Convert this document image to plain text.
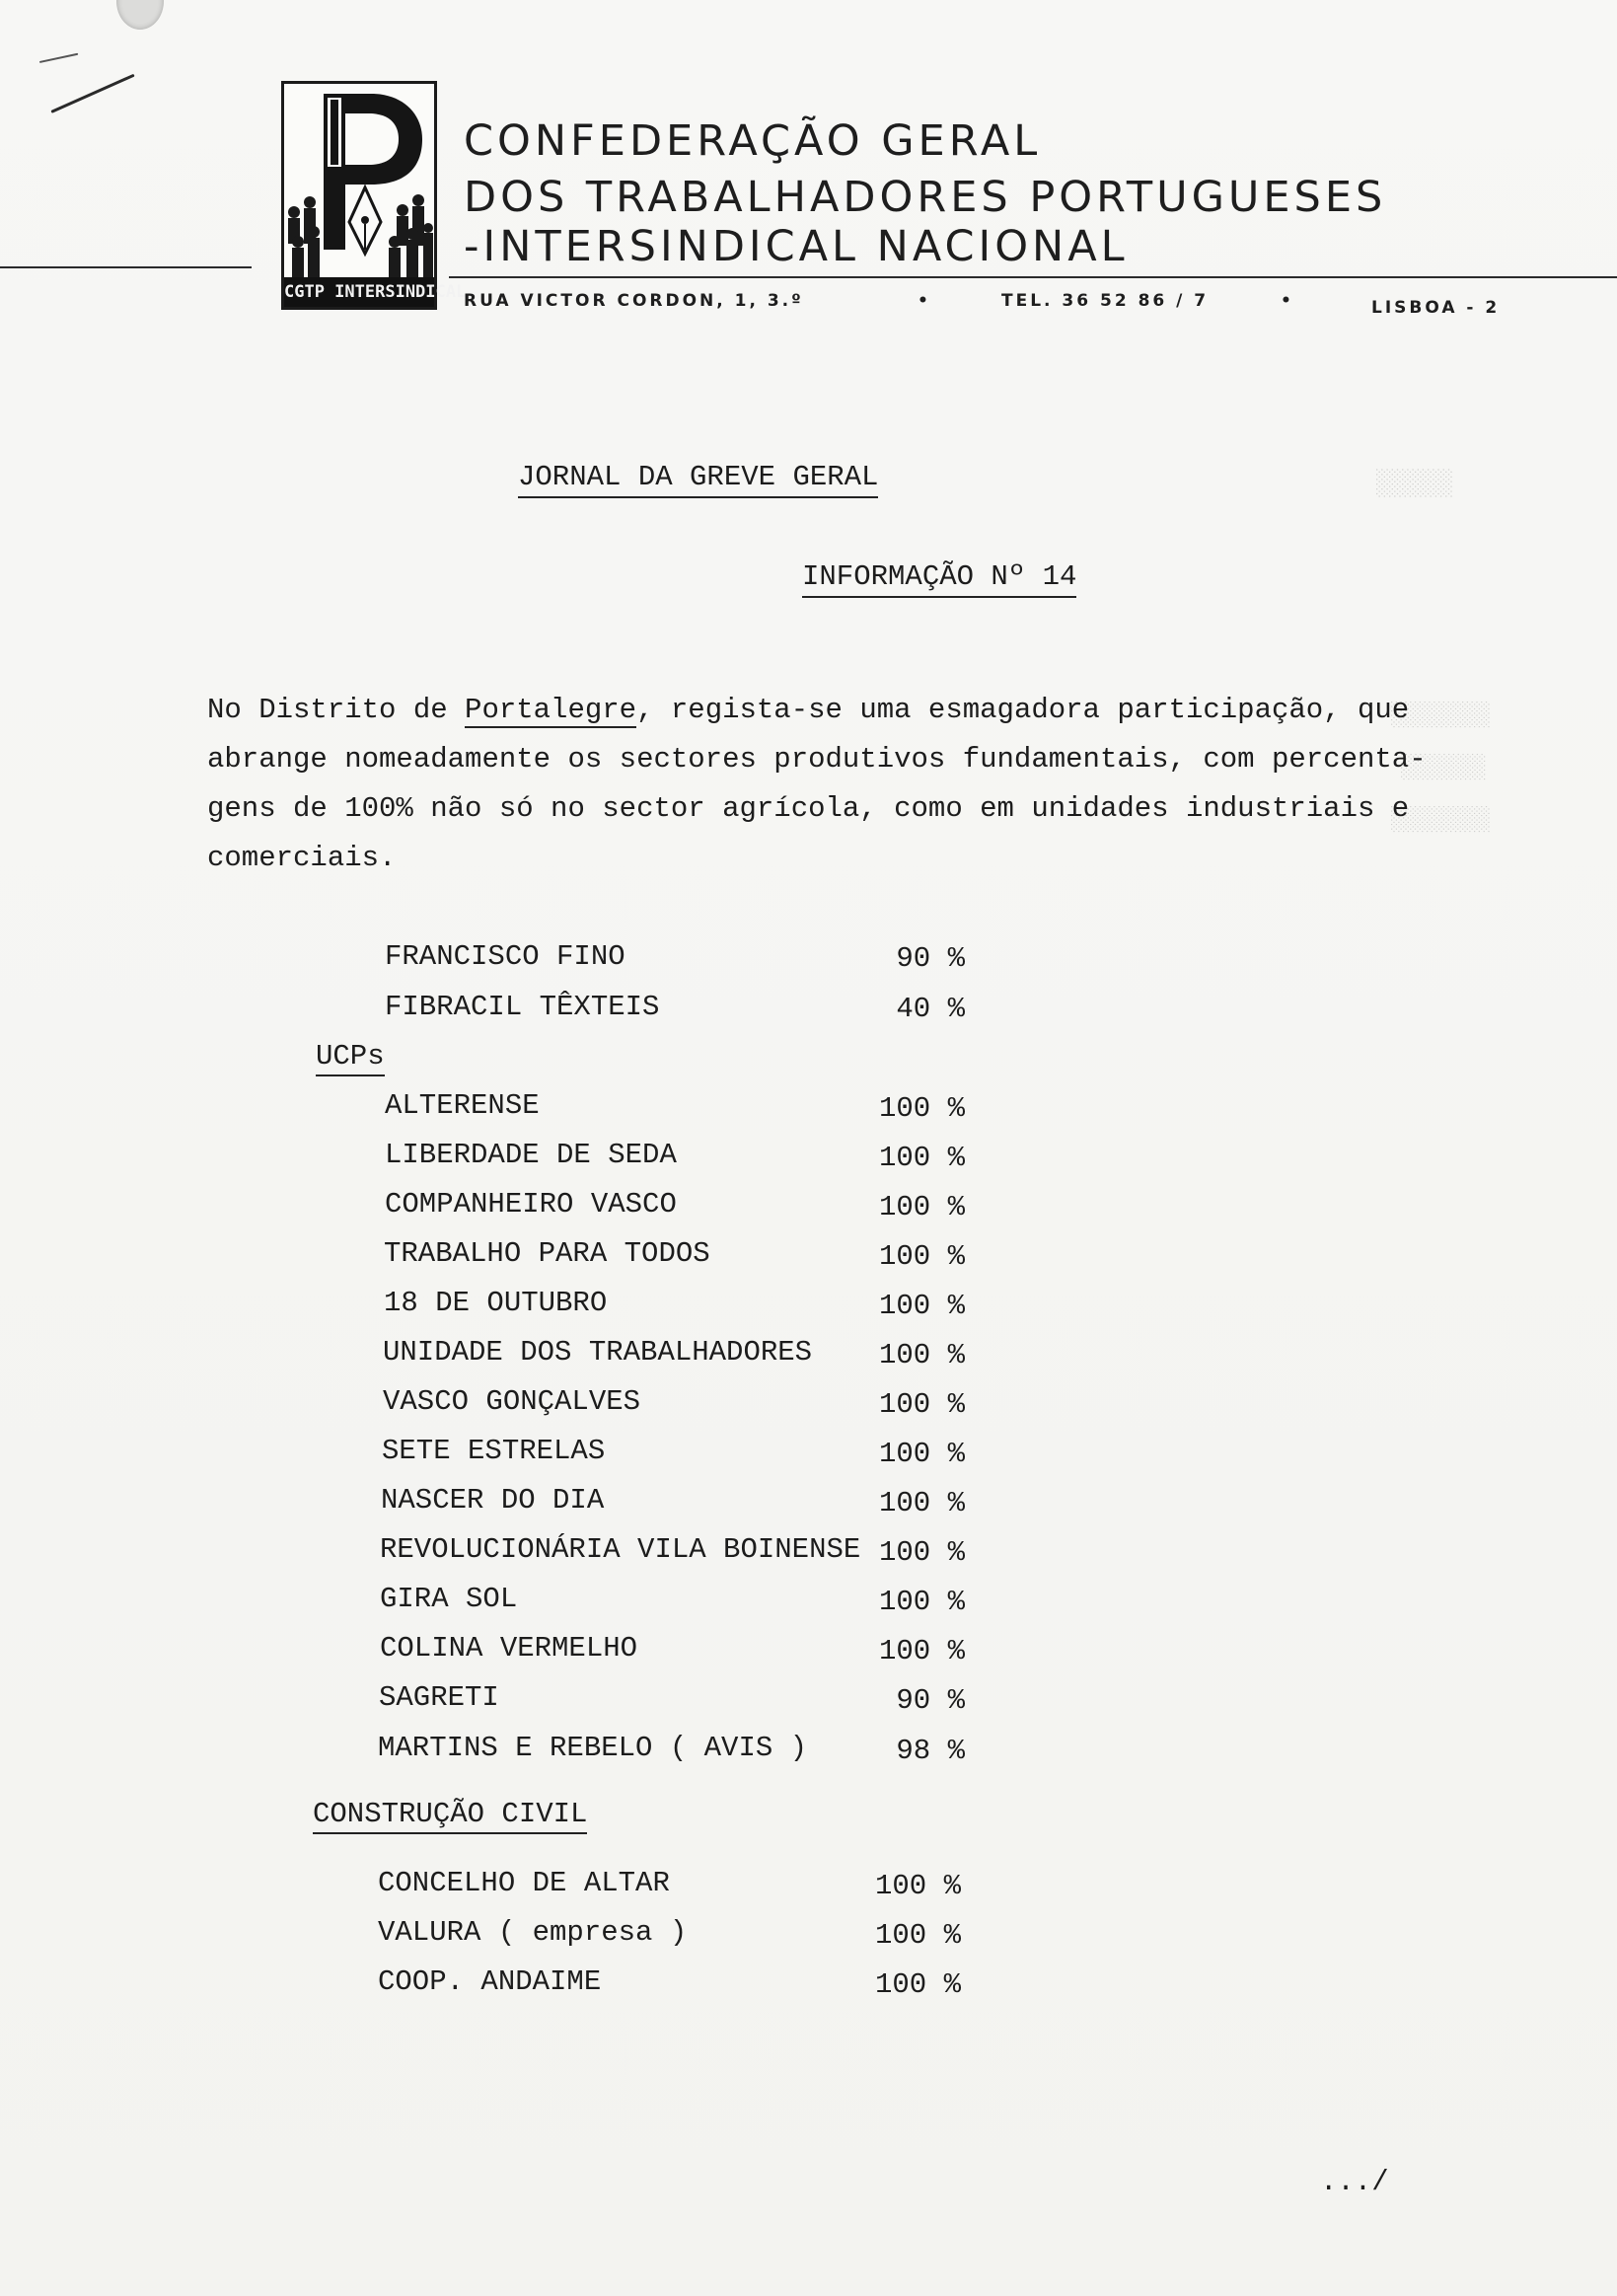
CGTP INTERSINDICAL
CONFEDERAÇÃO GERAL
DOS TRABALHADORES PORTUGUESES
-INTERSINDICAL NACIONAL
RUA VICTOR CORDON, 1, 3.º	•	TEL. 36 52 86 / 7	•	LISBOA - 2
░░░░░
░░░░░░░
░░░░░░
░░░░░░░
JORNAL DA GREVE GERAL
INFORMAÇÃO Nº 14
No Distrito de Portalegre, regista-se uma esmagadora participação, que
abrange nomeadamente os sectores produtivos fundamentais, com percenta-
gens de 100% não só no sector agrícola, como em unidades industriais e
comerciais.
FRANCISCO FINO	90 %
FIBRACIL TÊXTEIS	40 %
UCPs
ALTERENSE	100 %
LIBERDADE DE SEDA	100 %
COMPANHEIRO VASCO	100 %
TRABALHO PARA TODOS	100 %
18 DE OUTUBRO	100 %
UNIDADE DOS TRABALHADORES	100 %
VASCO GONÇALVES	100 %
SETE ESTRELAS	100 %
NASCER DO DIA	100 %
REVOLUCIONÁRIA VILA BOINENSE 100 %
GIRA SOL	100 %
COLINA VERMELHO	100 %
SAGRETI	90 %
MARTINS E REBELO ( AVIS )	98 %
CONSTRUÇÃO CIVIL
CONCELHO DE ALTAR	100 %
VALURA ( empresa )	100 %
COOP. ANDAIME	100 %
.../
